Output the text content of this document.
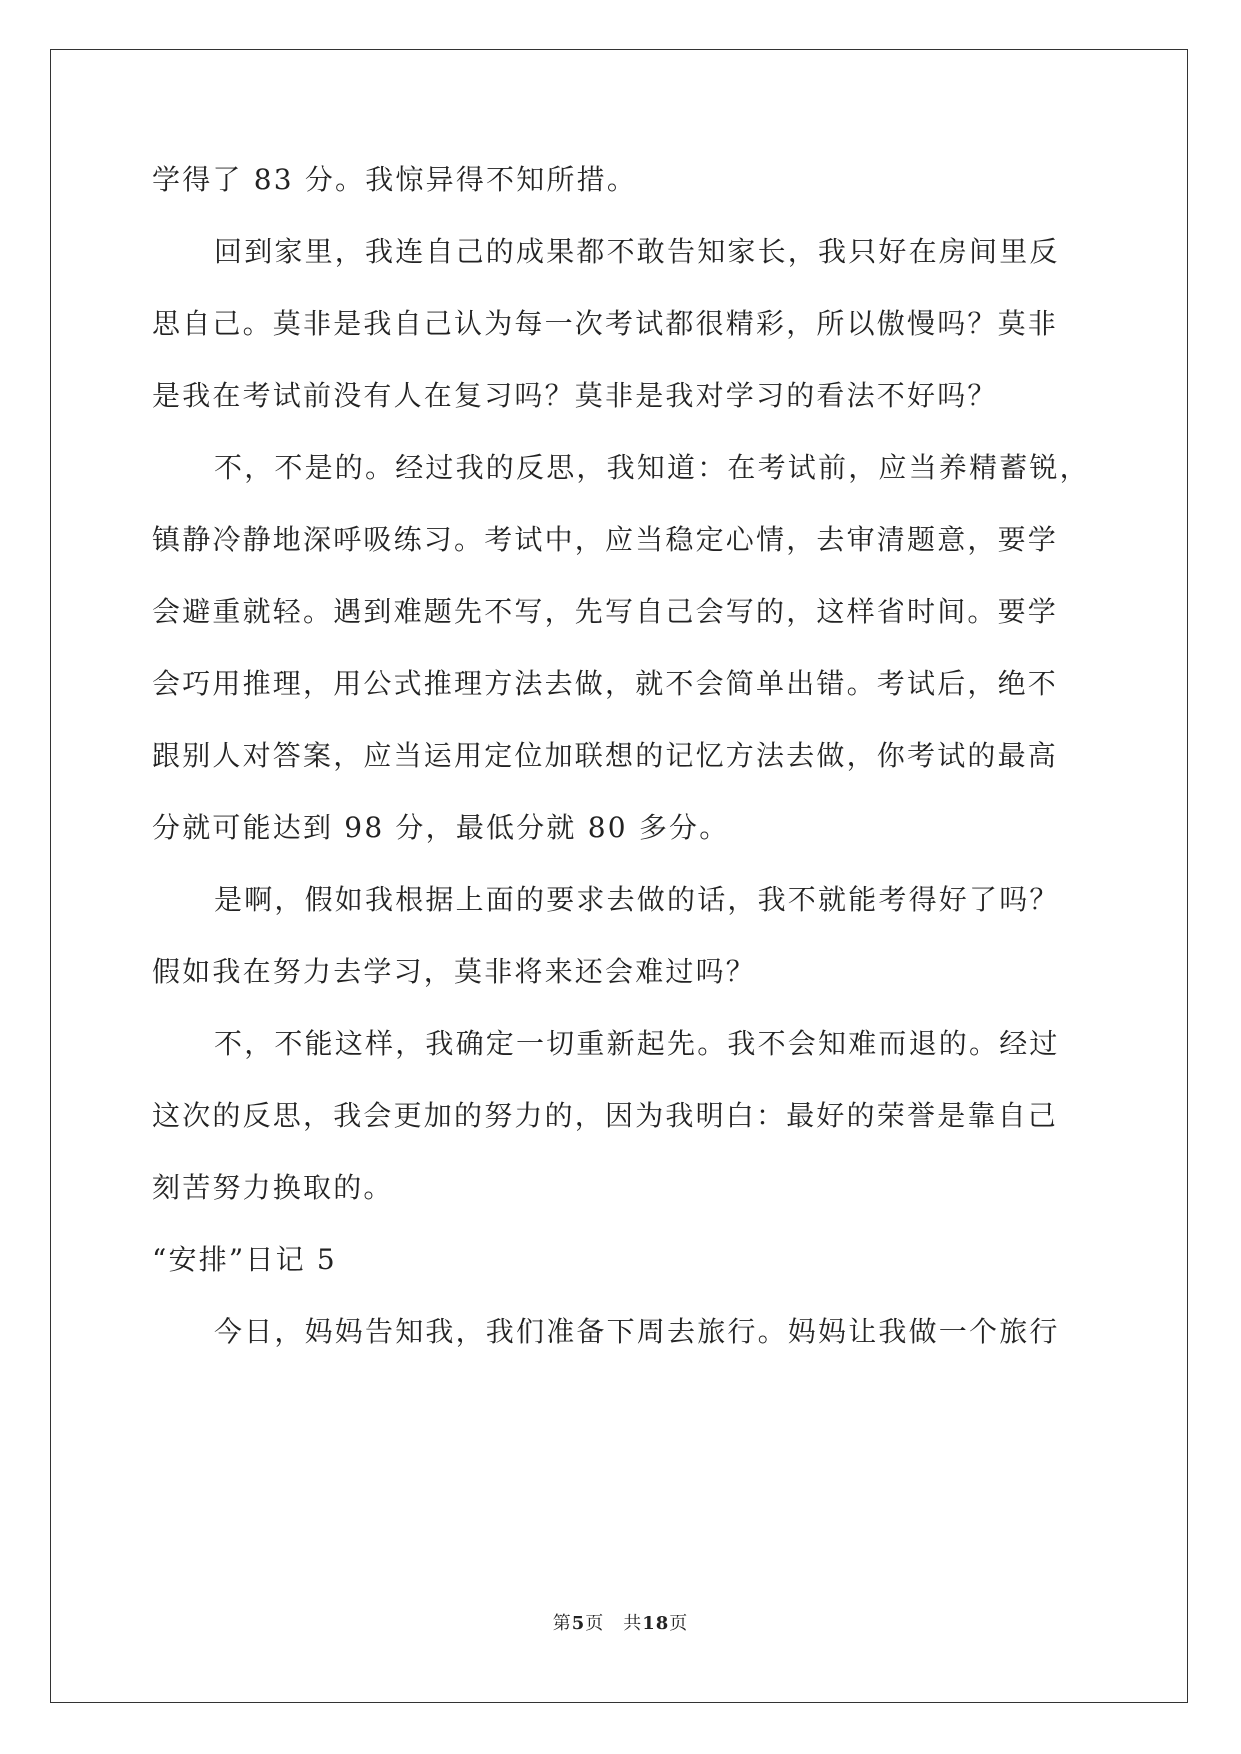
学得了 83 分。我惊异得不知所措。
回到家里，我连自己的成果都不敢告知家长，我只好在房间里反
思自己。莫非是我自己认为每一次考试都很精彩，所以傲慢吗？莫非
是我在考试前没有人在复习吗？莫非是我对学习的看法不好吗？
不，不是的。经过我的反思，我知道：在考试前，应当养精蓄锐，
镇静冷静地深呼吸练习。考试中，应当稳定心情，去审清题意，要学
会避重就轻。遇到难题先不写，先写自己会写的，这样省时间。要学
会巧用推理，用公式推理方法去做，就不会简单出错。考试后，绝不
跟别人对答案，应当运用定位加联想的记忆方法去做，你考试的最高
分就可能达到 98 分，最低分就 80 多分。
是啊，假如我根据上面的要求去做的话，我不就能考得好了吗？
假如我在努力去学习，莫非将来还会难过吗？
不，不能这样，我确定一切重新起先。我不会知难而退的。经过
这次的反思，我会更加的努力的，因为我明白：最好的荣誉是靠自己
刻苦努力换取的。
“安排”日记 5
今日，妈妈告知我，我们准备下周去旅行。妈妈让我做一个旅行
第5页　共18页
